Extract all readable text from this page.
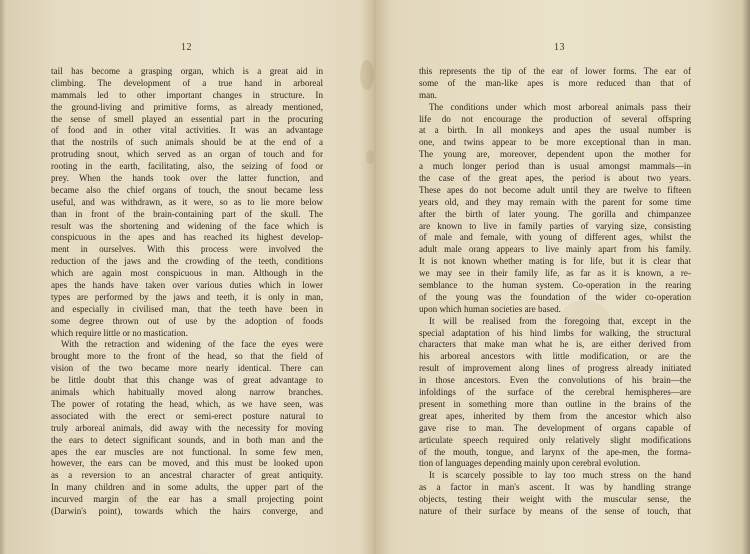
12
tail has become a grasping organ, which is a great aid in
climbing. The development of a true hand in arboreal
mammals led to other important changes in structure. In
the ground-living and primitive forms, as already mentioned,
the sense of smell played an essential part in the procuring
of food and in other vital activities. It was an advantage
that the nostrils of such animals should be at the end of a
protruding snout, which served as an organ of touch and for
rooting in the earth, facilitating, also, the seizing of food or
prey. When the hands took over the latter function, and
became also the chief organs of touch, the snout became less
useful, and was withdrawn, as it were, so as to lie more below
than in front of the brain-containing part of the skull. The
result was the shortening and widening of the face which is
conspicuous in the apes and has reached its highest develop-
ment in ourselves. With this process were involved the
reduction of the jaws and the crowding of the teeth, conditions
which are again most conspicuous in man. Although in the
apes the hands have taken over various duties which in lower
types are performed by the jaws and teeth, it is only in man,
and especially in civilised man, that the teeth have been in
some degree thrown out of use by the adoption of foods
which require little or no mastication.
With the retraction and widening of the face the eyes were
brought more to the front of the head, so that the field of
vision of the two became more nearly identical. There can
be little doubt that this change was of great advantage to
animals which habitually moved along narrow branches.
The power of rotating the head, which, as we have seen, was
associated with the erect or semi-erect posture natural to
truly arboreal animals, did away with the necessity for moving
the ears to detect significant sounds, and in both man and the
apes the ear muscles are not functional. In some few men,
however, the ears can be moved, and this must be looked upon
as a reversion to an ancestral character of great antiquity.
In many children and in some adults, the upper part of the
incurved margin of the ear has a small projecting point
(Darwin's point), towards which the hairs converge, and
13
this represents the tip of the ear of lower forms. The ear of
some of the man-like apes is more reduced than that of
man.
The conditions under which most arboreal animals pass their
life do not encourage the production of several offspring
at a birth. In all monkeys and apes the usual number is
one, and twins appear to be more exceptional than in man.
The young are, moreover, dependent upon the mother for
a much longer period than is usual amongst mammals—in
the case of the great apes, the period is about two years.
These apes do not become adult until they are twelve to fifteen
years old, and they may remain with the parent for some time
after the birth of later young. The gorilla and chimpanzee
are known to live in family parties of varying size, consisting
of male and female, with young of different ages, whilst the
adult male orang appears to live mainly apart from his family.
It is not known whether mating is for life, but it is clear that
we may see in their family life, as far as it is known, a re-
semblance to the human system. Co-operation in the rearing
of the young was the foundation of the wider co-operation
upon which human societies are based.
It will be realised from the foregoing that, except in the
special adaptation of his hind limbs for walking, the structural
characters that make man what he is, are either derived from
his arboreal ancestors with little modification, or are the
result of improvement along lines of progress already initiated
in those ancestors. Even the convolutions of his brain—the
infoldings of the surface of the cerebral hemispheres—are
present in something more than outline in the brains of the
great apes, inherited by them from the ancestor which also
gave rise to man. The development of organs capable of
articulate speech required only relatively slight modifications
of the mouth, tongue, and larynx of the ape-men, the forma-
tion of languages depending mainly upon cerebral evolution.
It is scarcely possible to lay too much stress on the hand
as a factor in man's ascent. It was by handling strange
objects, testing their weight with the muscular sense, the
nature of their surface by means of the sense of touch, that
